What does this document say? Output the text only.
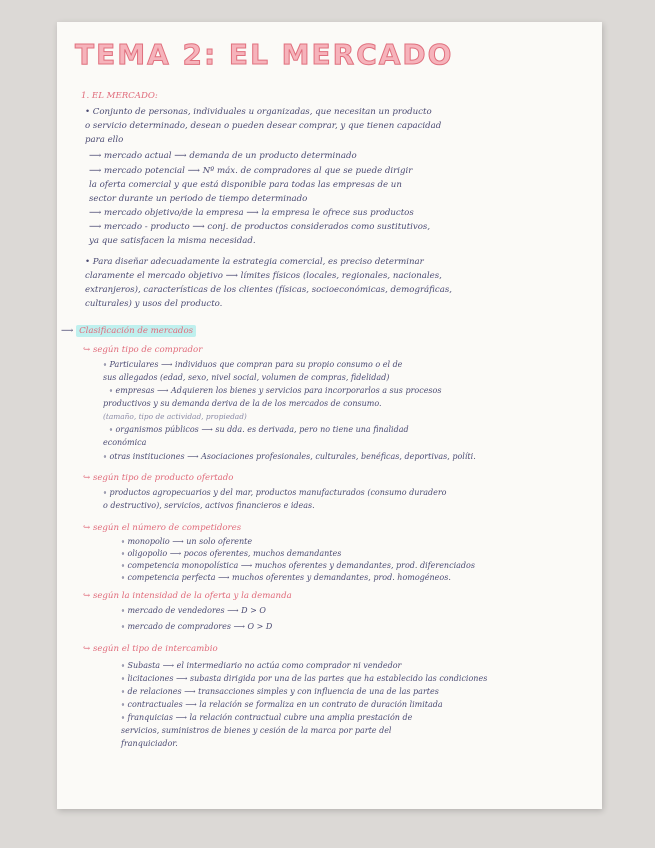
TEMA 2: EL MERCADO
1. EL MERCADO:
• Conjunto de personas, individuales u organizadas, que necesitan un producto
o servicio determinado, desean o pueden desear comprar, y que tienen capacidad
para ello
⟶ mercado actual ⟶ demanda de un producto determinado
⟶ mercado potencial ⟶ Nº máx. de compradores al que se puede dirigir
la oferta comercial y que está disponible para todas las empresas de un
sector durante un periodo de tiempo determinado
⟶ mercado objetivo/de la empresa ⟶ la empresa le ofrece sus productos
⟶ mercado - producto ⟶ conj. de productos considerados como sustitutivos,
ya que satisfacen la misma necesidad.
• Para diseñar adecuadamente la estrategia comercial, es preciso determinar
claramente el mercado objetivo ⟶ límites físicos (locales, regionales, nacionales,
extranjeros), características de los clientes (físicas, socioeconómicas, demográficas,
culturales) y usos del producto.
⟶ Clasificación de mercados
↪ según tipo de comprador
∘ Particulares ⟶ individuos que compran para su propio consumo o el de
sus allegados (edad, sexo, nivel social, volumen de compras, fidelidad)
∘ empresas ⟶ Adquieren los bienes y servicios para incorporarlos a sus procesos
productivos y su demanda deriva de la de los mercados de consumo.
(tamaño, tipo de actividad, propiedad)
∘ organismos públicos ⟶ su dda. es derivada, pero no tiene una finalidad
económica
∘ otras instituciones ⟶ Asociaciones profesionales, culturales, benéficas, deportivas, políti.
↪ según tipo de producto ofertado
∘ productos agropecuarios y del mar, productos manufacturados (consumo duradero
o destructivo), servicios, activos financieros e ideas.
↪ según el número de competidores
∘ monopolio ⟶ un solo oferente
∘ oligopolio ⟶ pocos oferentes, muchos demandantes
∘ competencia monopolística ⟶ muchos oferentes y demandantes, prod. diferenciados
∘ competencia perfecta ⟶ muchos oferentes y demandantes, prod. homogéneos.
↪ según la intensidad de la oferta y la demanda
∘ mercado de vendedores ⟶ D > O
∘ mercado de compradores ⟶ O > D
↪ según el tipo de intercambio
∘ Subasta ⟶ el intermediario no actúa como comprador ni vendedor
∘ licitaciones ⟶ subasta dirigida por una de las partes que ha establecido las condiciones
∘ de relaciones ⟶ transacciones simples y con influencia de una de las partes
∘ contractuales ⟶ la relación se formaliza en un contrato de duración limitada
∘ franquicias ⟶ la relación contractual cubre una amplia prestación de
servicios, suministros de bienes y cesión de la marca por parte del
franquiciador.
